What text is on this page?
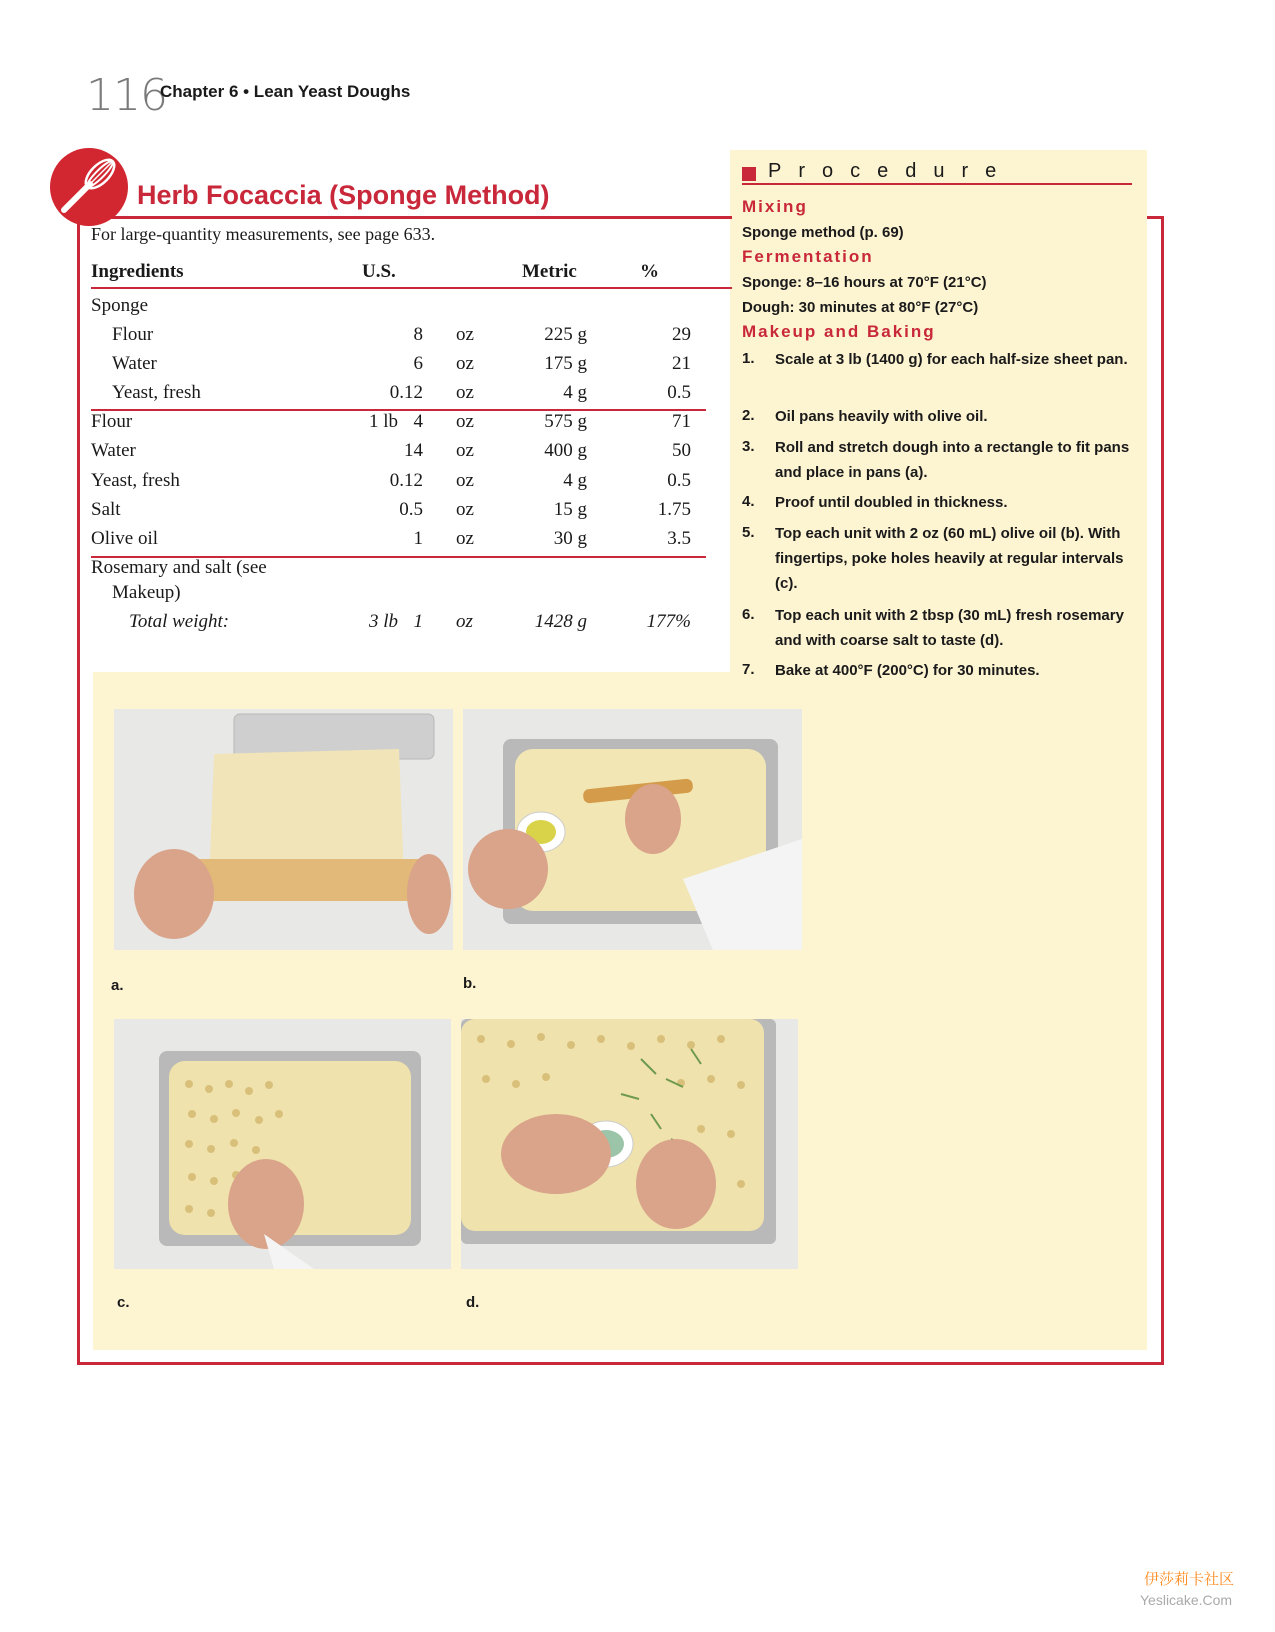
116
Chapter 6 • Lean Yeast Doughs
Herb Focaccia (Sponge Method)
For large-quantity measurements, see page 633.
Ingredients	U.S.	Metric	%
Sponge
Flour	8 oz	225 g	29
Water	6 oz	175 g	21
Yeast, fresh	0.12 oz	4 g	0.5
Flour	1 lb 4 oz	575 g	71
Water	14 oz	400 g	50
Yeast, fresh	0.12 oz	4 g	0.5
Salt	0.5 oz	15 g	1.75
Olive oil	1 oz	30 g	3.5
Rosemary and salt (see
Makeup)
Total weight:	3 lb 1 oz	1428 g	177%
Procedure
Mixing
Sponge method (p. 69)
Fermentation
Sponge: 8–16 hours at 70°F (21°C)
Dough: 30 minutes at 80°F (27°C)
Makeup and Baking
1. Scale at 3 lb (1400 g) for each half-size sheet pan.
2. Oil pans heavily with olive oil.
3. Roll and stretch dough into a rectangle to fit pans and place in pans (a).
4. Proof until doubled in thickness.
5. Top each unit with 2 oz (60 mL) olive oil (b). With fingertips, poke holes heavily at regular intervals (c).
6. Top each unit with 2 tbsp (30 mL) fresh rosemary and with coarse salt to taste (d).
7. Bake at 400°F (200°C) for 30 minutes.
a.	b.
c.	d.
伊莎莉卡社区
Yeslicake.Com
